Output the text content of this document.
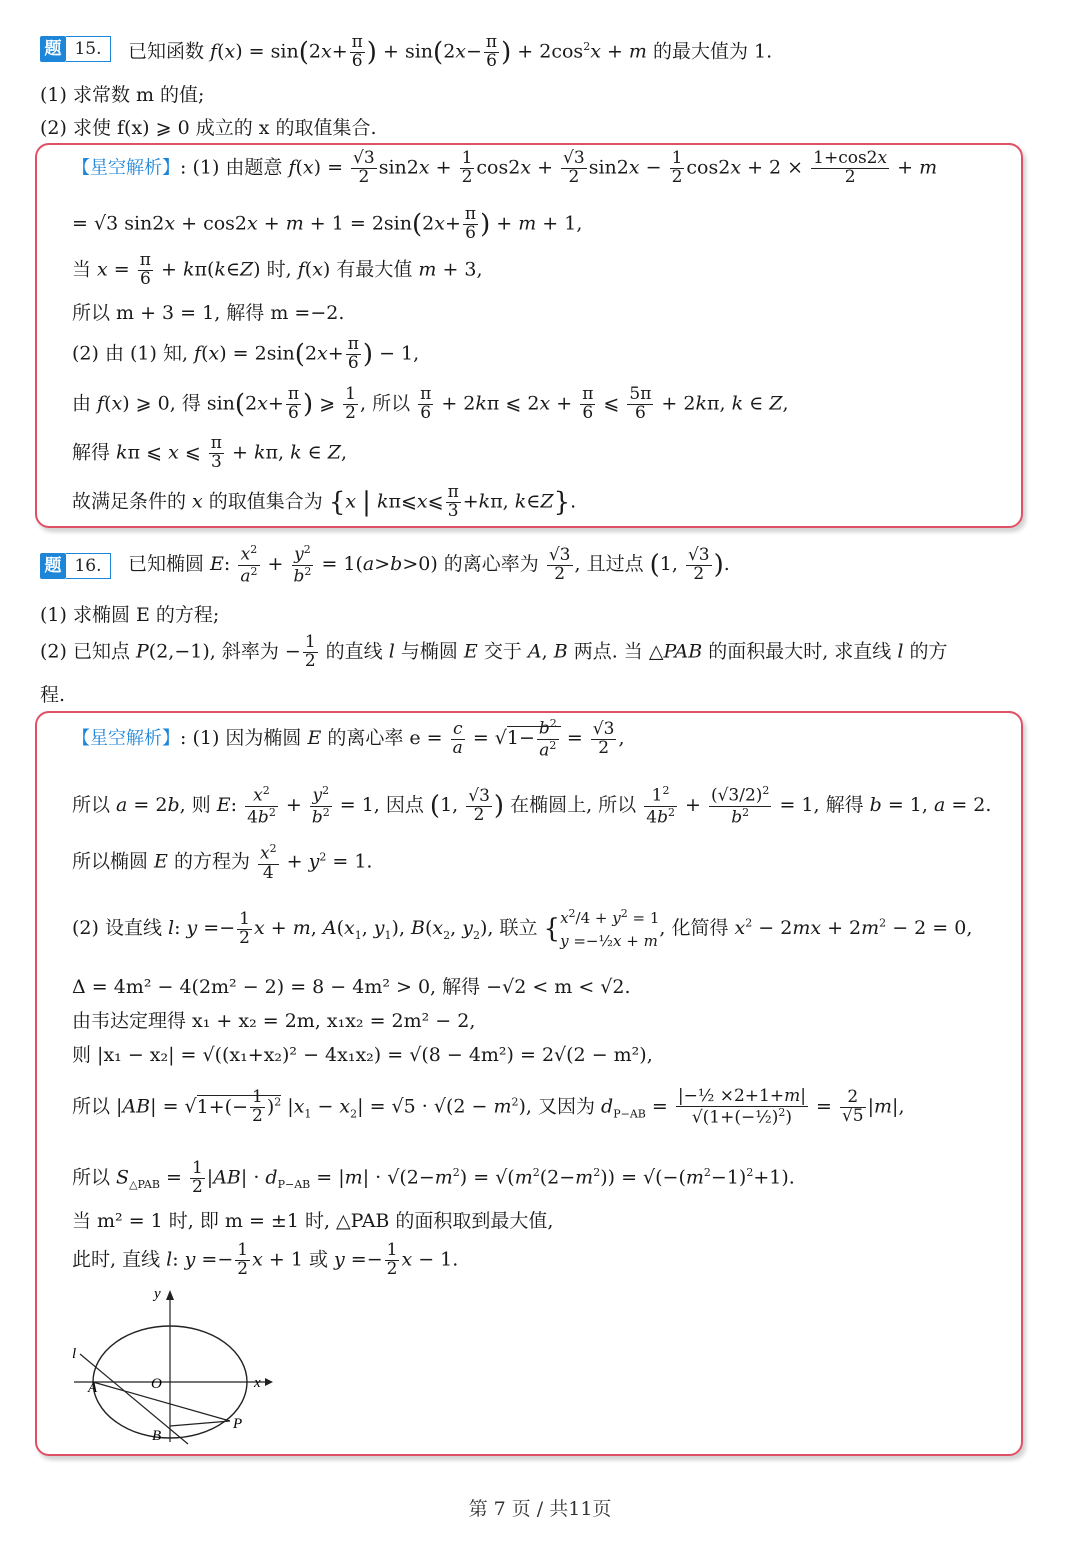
题 15.	已知函数 $f(x) = \sin(2x+ \frac{\pi}{6}$ ) + $\sin(2x- \frac{\pi}{6}$ ) + $2\cos^2x + m$ 的最大值为 1.
(1) 求常数 m 的值;
(2) 求使 f(x) ⩾ 0 成立的 x 的取值集合.
【星空解析】: (1) 由题意 $f(x) = \frac{√3}{2} \sin 2x + \frac{1}{2} \cos 2x + \frac{√3}{2} \sin 2x - \frac{1}{2} \cos 2x + 2 \times \frac{1+\cos 2x}{2} + m$
= √3 $\sin 2x + \cos 2x + m + 1 = 2\sin(2x+ \frac{\pi}{6}$ ) + m + 1,
当 $x = \frac{\pi}{6}$ + kπ(k∈Z) 时, f(x) 有最大值 m + 3,
所以 m + 3 = 1, 解得 m =−2.
(2) 由 (1) 知, $f(x) = 2\sin(2x+ \frac{\pi}{6}$ ) − 1,
由 f(x) ⩾ 0, 得 $\sin(2x+ \frac{\pi}{6}$ ) ⩾ $\frac{1}{2}$ , 所以 $\frac{\pi}{6} + 2k\pi$ ⩽ $2x + \frac{\pi}{6}$ ⩽ $\frac{5\pi}{6} + 2k\pi$, k ∈ Z,
解得 kπ ⩽ x ⩽ $\frac{\pi}{3} + k\pi$, k ∈ Z,
故满足条件的 x 的取值集合为 {x | kπ⩽x⩽ $\frac{\pi}{3} +k\pi$, k∈Z}.
题 16.	已知椭圆 E: $\frac{x^2}{a^2} + \frac{y^2}{b^2} = 1(a>b>0)$ 的离心率为 $\frac{√3}{2}$ , 且过点 (1, $\frac{√3}{2}$ ).
(1) 求椭圆 E 的方程;
(2) 已知点 P(2,−1), 斜率为 − $\frac{1}{2}$ 的直线 l 与椭圆 E 交于 A, B 两点. 当 △PAB 的面积最大时, 求直线 l 的方
程.
【星空解析】: (1) 因为椭圆 E 的离心率 $e = \frac{c}{a} = √1- \frac{b^2}{a^2} = \frac{√3}{2}$ ,
所以 a = 2b, 则 E: $\frac{x^2}{4b^2} + \frac{y^2}{b^2} = 1$, 因点 (1, $\frac{√3}{2}$ ) 在椭圆上, 所以 $\frac{1^2}{4b^2} + \frac{(√3/2)^2}{b^2} = 1$, 解得 b = 1, a = 2.
所以椭圆 E 的方程为 $\frac{x^2}{4} + y^2 = 1$.
(2) 设直线 l: $y =- \frac{1}{2}$ x + m, $A(x_1$, $y_1$), $B(x_2$, $y_2$), 联立 { $x^2/4 + y^2 = 1$
y =−½x + m
, 化简得 $x^2 - 2mx + 2m^2 - 2 = 0$,
Δ = 4m² − 4(2m² − 2) = 8 − 4m² > 0, 解得 −√2 < m < √2.
由韦达定理得 x₁ + x₂ = 2m, x₁x₂ = 2m² − 2,
则 |x₁ − x₂| = √((x₁+x₂)² − 4x₁x₂) = √(8 − 4m²) = 2√(2 − m²),
所以 $|AB| = √1+(- \frac{1}{2} )^2$ $|x_1 - x_2| = √5 \cdot √(2 - m^2)$, 又因为 $d_{P-AB} = \frac{\text{|−½ ×2+1+m|}}{√(1+(-\frac{1}{2})^2)} = \frac{2}{√5} |m|$,
所以 $S_{\triangle PAB} = \frac{1}{2} |AB| \cdot d_{P-AB} = |m| \cdot √(2-m^2) = √(m^2(2-m^2)) = √(-(m^2-1)^2+1)$.
当 m² = 1 时, 即 m = ±1 时, △PAB 的面积取到最大值,
此时, 直线 l: $y =- \frac{1}{2}$ x + 1 或 $y =- \frac{1}{2}$ x − 1.
y
x
l
A	O
B
P
第 7 页 / 共11页
